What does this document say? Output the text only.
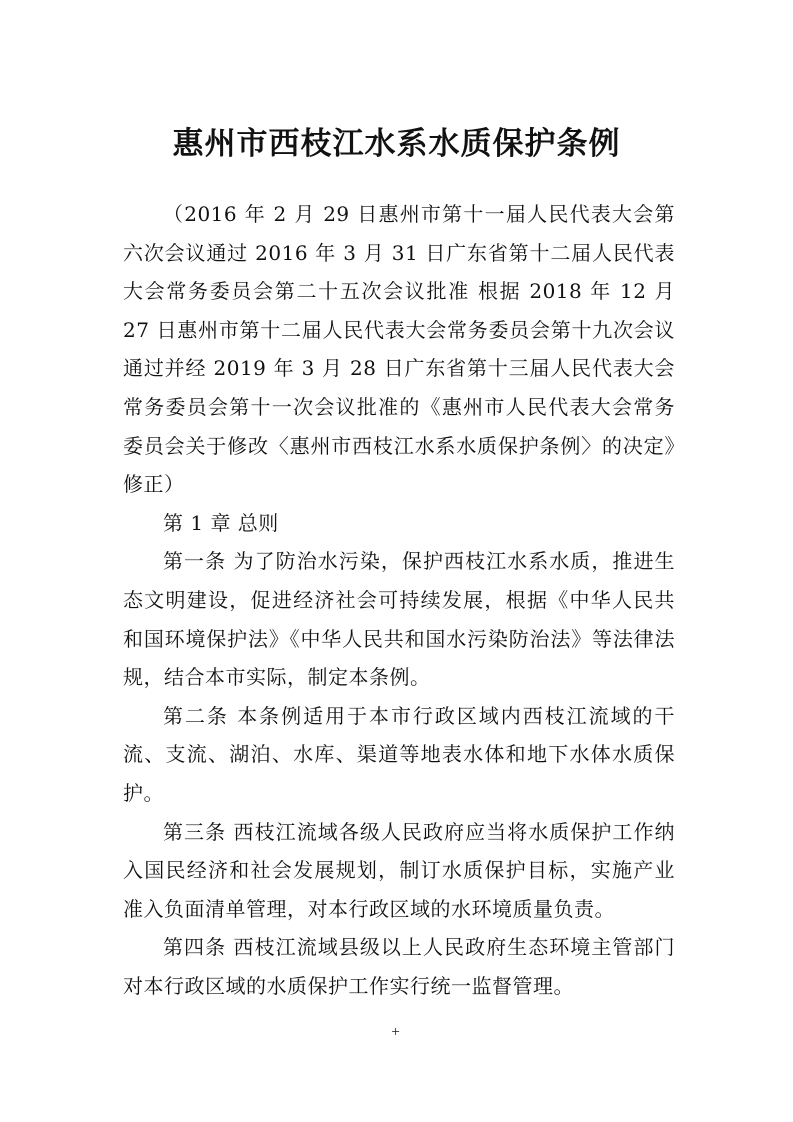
惠州市西枝江水系水质保护条例

（2016 年 2 月 29 日惠州市第十一届人民代表大会第六次会议通过 2016 年 3 月 31 日广东省第十二届人民代表大会常务委员会第二十五次会议批准 根据 2018 年 12 月 27 日惠州市第十二届人民代表大会常务委员会第十九次会议通过并经 2019 年 3 月 28 日广东省第十三届人民代表大会常务委员会第十一次会议批准的《惠州市人民代表大会常务委员会关于修改〈惠州市西枝江水系水质保护条例〉的决定》修正）

第 1 章 总则

第一条 为了防治水污染，保护西枝江水系水质，推进生态文明建设，促进经济社会可持续发展，根据《中华人民共和国环境保护法》《中华人民共和国水污染防治法》等法律法规，结合本市实际，制定本条例。

第二条 本条例适用于本市行政区域内西枝江流域的干流、支流、湖泊、水库、渠道等地表水体和地下水体水质保护。

第三条 西枝江流域各级人民政府应当将水质保护工作纳入国民经济和社会发展规划，制订水质保护目标，实施产业准入负面清单管理，对本行政区域的水环境质量负责。

第四条 西枝江流域县级以上人民政府生态环境主管部门对本行政区域的水质保护工作实行统一监督管理。

+
